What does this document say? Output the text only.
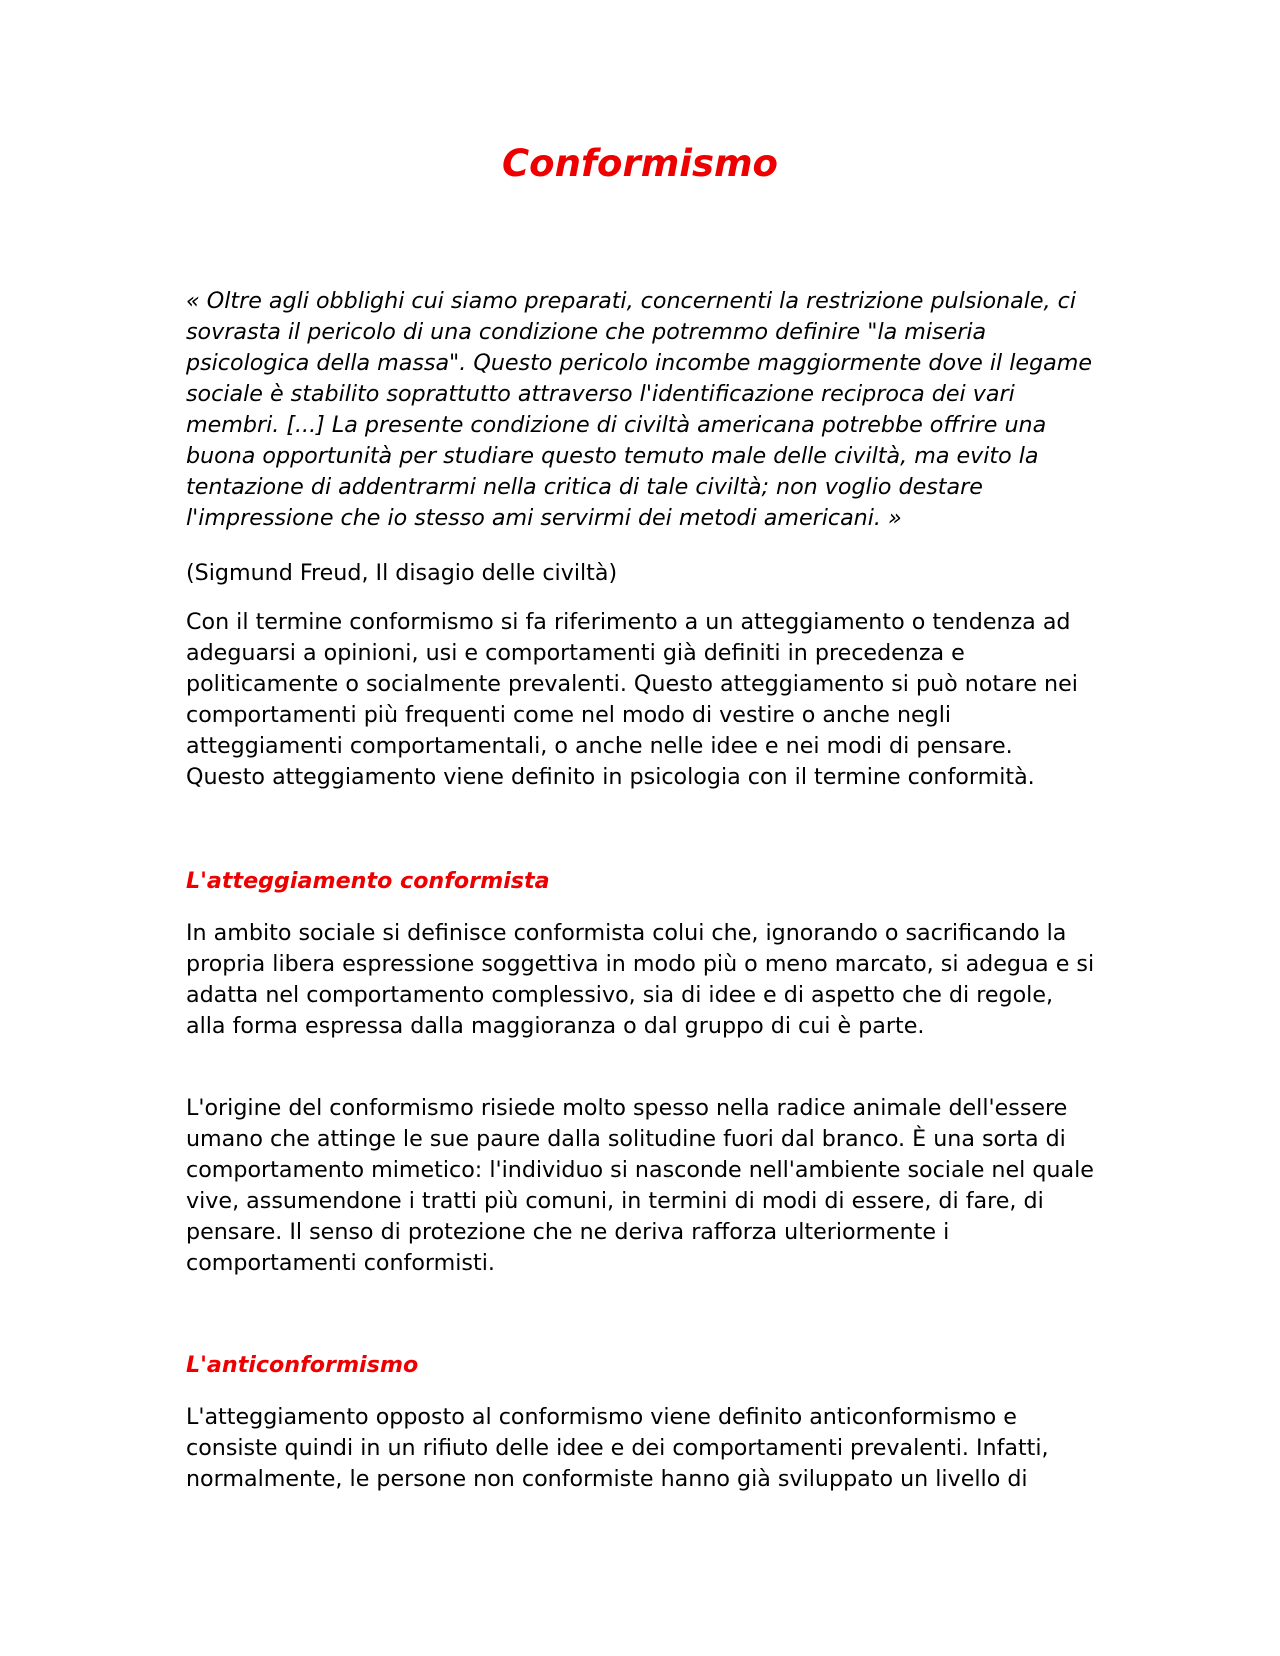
Conformismo

« Oltre agli obblighi cui siamo preparati, concernenti la restrizione pulsionale, ci sovrasta il pericolo di una condizione che potremmo definire "la miseria psicologica della massa". Questo pericolo incombe maggiormente dove il legame sociale è stabilito soprattutto attraverso l'identificazione reciproca dei vari membri. [...] La presente condizione di civiltà americana potrebbe offrire una buona opportunità per studiare questo temuto male delle civiltà, ma evito la tentazione di addentrarmi nella critica di tale civiltà; non voglio destare l'impressione che io stesso ami servirmi dei metodi americani. »

(Sigmund Freud, Il disagio delle civiltà)

Con il termine conformismo si fa riferimento a un atteggiamento o tendenza ad adeguarsi a opinioni, usi e comportamenti già definiti in precedenza e politicamente o socialmente prevalenti. Questo atteggiamento si può notare nei comportamenti più frequenti come nel modo di vestire o anche negli atteggiamenti comportamentali, o anche nelle idee e nei modi di pensare. Questo atteggiamento viene definito in psicologia con il termine conformità.

L'atteggiamento conformista

In ambito sociale si definisce conformista colui che, ignorando o sacrificando la propria libera espressione soggettiva in modo più o meno marcato, si adegua e si adatta nel comportamento complessivo, sia di idee e di aspetto che di regole, alla forma espressa dalla maggioranza o dal gruppo di cui è parte.

L'origine del conformismo risiede molto spesso nella radice animale dell'essere umano che attinge le sue paure dalla solitudine fuori dal branco. È una sorta di comportamento mimetico: l'individuo si nasconde nell'ambiente sociale nel quale vive, assumendone i tratti più comuni, in termini di modi di essere, di fare, di pensare. Il senso di protezione che ne deriva rafforza ulteriormente i comportamenti conformisti.

L'anticonformismo

L'atteggiamento opposto al conformismo viene definito anticonformismo e consiste quindi in un rifiuto delle idee e dei comportamenti prevalenti. Infatti, normalmente, le persone non conformiste hanno già sviluppato un livello di
